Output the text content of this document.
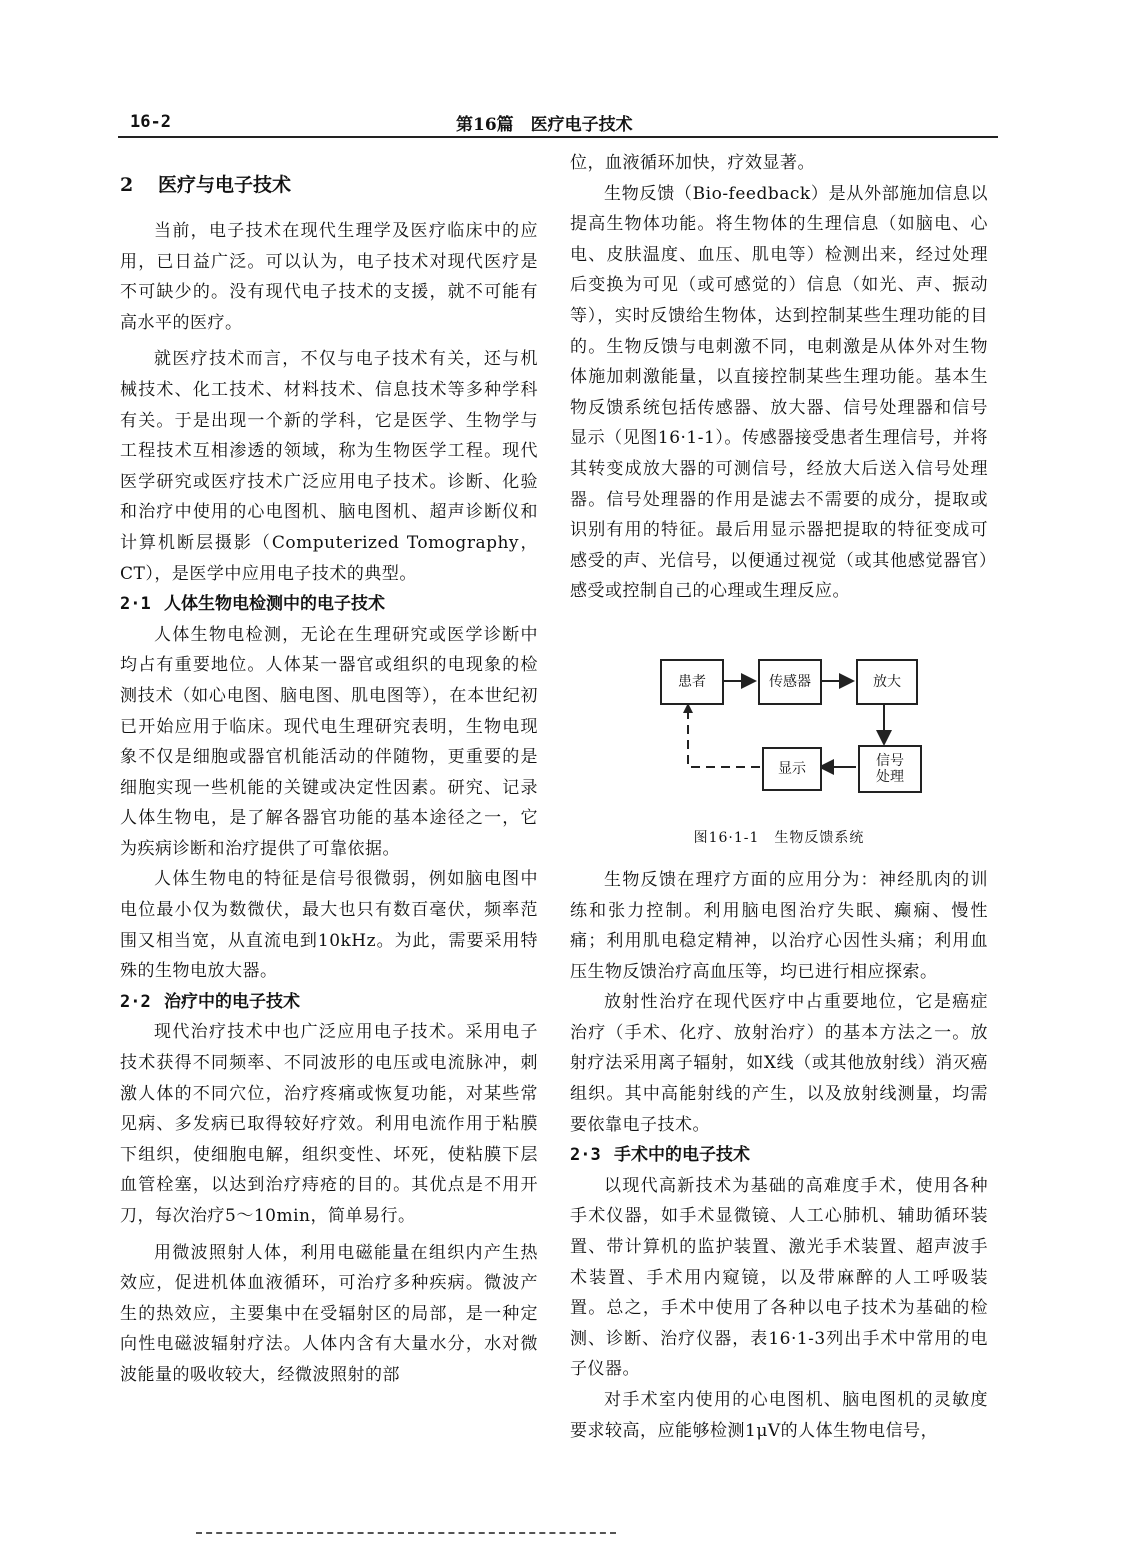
16-2	第16篇　医疗电子技术
2 医疗与电子技术

当前，电子技术在现代生理学及医疗临床中的应用，已日益广泛。可以认为，电子技术对现代医疗是不可缺少的。没有现代电子技术的支援，就不可能有高水平的医疗。

就医疗技术而言，不仅与电子技术有关，还与机械技术、化工技术、材料技术、信息技术等多种学科有关。于是出现一个新的学科，它是医学、生物学与工程技术互相渗透的领域，称为生物医学工程。现代医学研究或医疗技术广泛应用电子技术。诊断、化验和治疗中使用的心电图机、脑电图机、超声诊断仪和计算机断层摄影（Computerized Tomography，CT），是医学中应用电子技术的典型。

2·1 人体生物电检测中的电子技术

人体生物电检测，无论在生理研究或医学诊断中均占有重要地位。人体某一器官或组织的电现象的检测技术（如心电图、脑电图、肌电图等），在本世纪初已开始应用于临床。现代电生理研究表明，生物电现象不仅是细胞或器官机能活动的伴随物，更重要的是细胞实现一些机能的关键或决定性因素。研究、记录人体生物电，是了解各器官功能的基本途径之一，它为疾病诊断和治疗提供了可靠依据。

人体生物电的特征是信号很微弱，例如脑电图中电位最小仅为数微伏，最大也只有数百毫伏，频率范围又相当宽，从直流电到10kHz。为此，需要采用特殊的生物电放大器。

2·2 治疗中的电子技术

现代治疗技术中也广泛应用电子技术。采用电子技术获得不同频率、不同波形的电压或电流脉冲，刺激人体的不同穴位，治疗疼痛或恢复功能，对某些常见病、多发病已取得较好疗效。利用电流作用于粘膜下组织，使细胞电解，组织变性、坏死，使粘膜下层血管栓塞，以达到治疗痔疮的目的。其优点是不用开刀，每次治疗5～10min，简单易行。

用微波照射人体，利用电磁能量在组织内产生热效应，促进机体血液循环，可治疗多种疾病。微波产生的热效应，主要集中在受辐射区的局部，是一种定向性电磁波辐射疗法。人体内含有大量水分，水对微波能量的吸收较大，经微波照射的部

位，血液循环加快，疗效显著。

生物反馈（Bio-feedback）是从外部施加信息以提高生物体功能。将生物体的生理信息（如脑电、心电、皮肤温度、血压、肌电等）检测出来，经过处理后变换为可见（或可感觉的）信息（如光、声、振动等），实时反馈给生物体，达到控制某些生理功能的目的。生物反馈与电刺激不同，电刺激是从体外对生物体施加刺激能量，以直接控制某些生理功能。基本生物反馈系统包括传感器、放大器、信号处理器和信号显示（见图16·1-1）。传感器接受患者生理信号，并将其转变成放大器的可测信号，经放大后送入信号处理器。信号处理器的作用是滤去不需要的成分，提取或识别有用的特征。最后用显示器把提取的特征变成可感受的声、光信号，以便通过视觉（或其他感觉器官）感受或控制自己的心理或生理反应。

患者	传感器	放大
显示	信号
处理
图16·1-1　生物反馈系统

生物反馈在理疗方面的应用分为：神经肌肉的训练和张力控制。利用脑电图治疗失眠、癫痫、慢性痛；利用肌电稳定精神，以治疗心因性头痛；利用血压生物反馈治疗高血压等，均已进行相应探索。

放射性治疗在现代医疗中占重要地位，它是癌症治疗（手术、化疗、放射治疗）的基本方法之一。放射疗法采用离子辐射，如X线（或其他放射线）消灭癌组织。其中高能射线的产生，以及放射线测量，均需要依靠电子技术。

2·3 手术中的电子技术

以现代高新技术为基础的高难度手术，使用各种手术仪器，如手术显微镜、人工心肺机、辅助循环装置、带计算机的监护装置、激光手术装置、超声波手术装置、手术用内窥镜，以及带麻醉的人工呼吸装置。总之，手术中使用了各种以电子技术为基础的检测、诊断、治疗仪器，表16·1-3列出手术中常用的电子仪器。

对手术室内使用的心电图机、脑电图机的灵敏度要求较高，应能够检测1μV的人体生物电信号，
